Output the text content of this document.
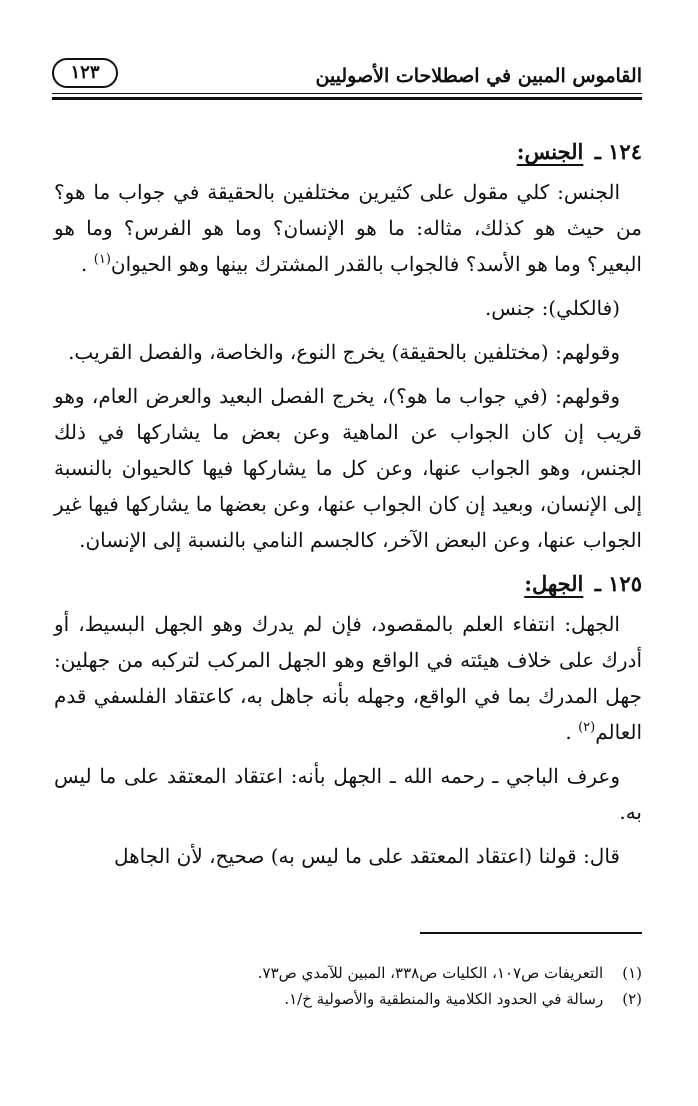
القاموس المبين في اصطلاحات الأصوليين
١٢٣
١٢٤ ـ الجنس:

الجنس: كلي مقول على كثيرين مختلفين بالحقيقة في جواب ما هو؟ من حيث هو كذلك، مثاله: ما هو الإنسان؟ وما هو الفرس؟ وما هو البعير؟ وما هو الأسد؟ فالجواب بالقدر المشترك بينها وهو الحيوان$^{(١)}$ .

(فالكلي): جنس.

وقولهم: (مختلفين بالحقيقة) يخرج النوع، والخاصة، والفصل القريب.

وقولهم: (في جواب ما هو؟)، يخرج الفصل البعيد والعرض العام، وهو قريب إن كان الجواب عن الماهية وعن بعض ما يشاركها في ذلك الجنس، وهو الجواب عنها، وعن كل ما يشاركها فيها كالحيوان بالنسبة إلى الإنسان، وبعيد إن كان الجواب عنها، وعن بعضها ما يشاركها فيها غير الجواب عنها، وعن البعض الآخر، كالجسم النامي بالنسبة إلى الإنسان.

١٢٥ ـ الجهل:

الجهل: انتفاء العلم بالمقصود، فإن لم يدرك وهو الجهل البسيط، أو أدرك على خلاف هيئته في الواقع وهو الجهل المركب لتركبه من جهلين: جهل المدرك بما في الواقع، وجهله بأنه جاهل به، كاعتقاد الفلسفي قدم العالم$^{(٢)}$ .

وعرف الباجي ـ رحمه الله ـ الجهل بأنه: اعتقاد المعتقد على ما ليس به.

قال: قولنا (اعتقاد المعتقد على ما ليس به) صحيح، لأن الجاهل

(١) التعريفات ص١٠٧، الكليات ص٣٣٨، المبين للآمدي ص٧٣.
(٢) رسالة في الحدود الكلامية والمنطقية والأصولية خ/١.
